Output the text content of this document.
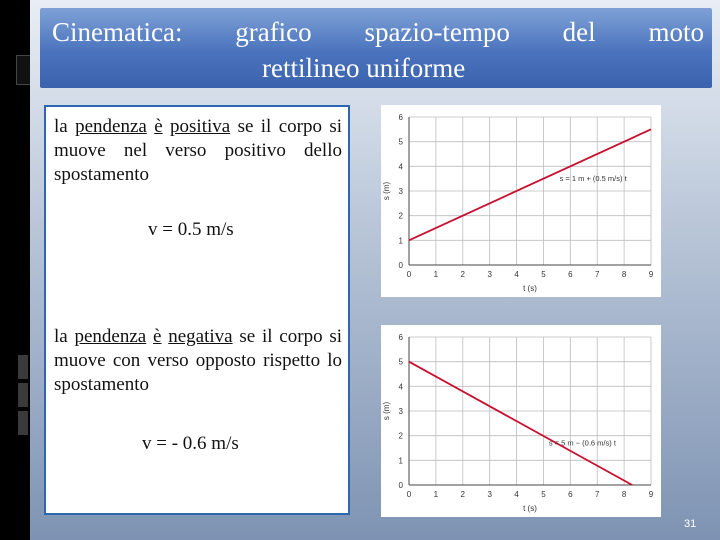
Cinematica: grafico spazio-tempo del moto
rettilineo uniforme
la pendenza è positiva se il corpo si muove nel verso positivo dello spostamento
v = 0.5 m/s
la pendenza è negativa se il corpo si muove con verso opposto rispetto lo spostamento
v = - 0.6 m/s
0	1	2	3	4	5	6	7	8	9
0
1
2
3
4
5
6
t (s)
s (m)
s = 1 m + (0.5 m/s) t
0	1	2	3	4	5	6	7	8	9
0
1
2
3
4
5
6
t (s)
s (m)
s = 5 m − (0.6 m/s) t
31
